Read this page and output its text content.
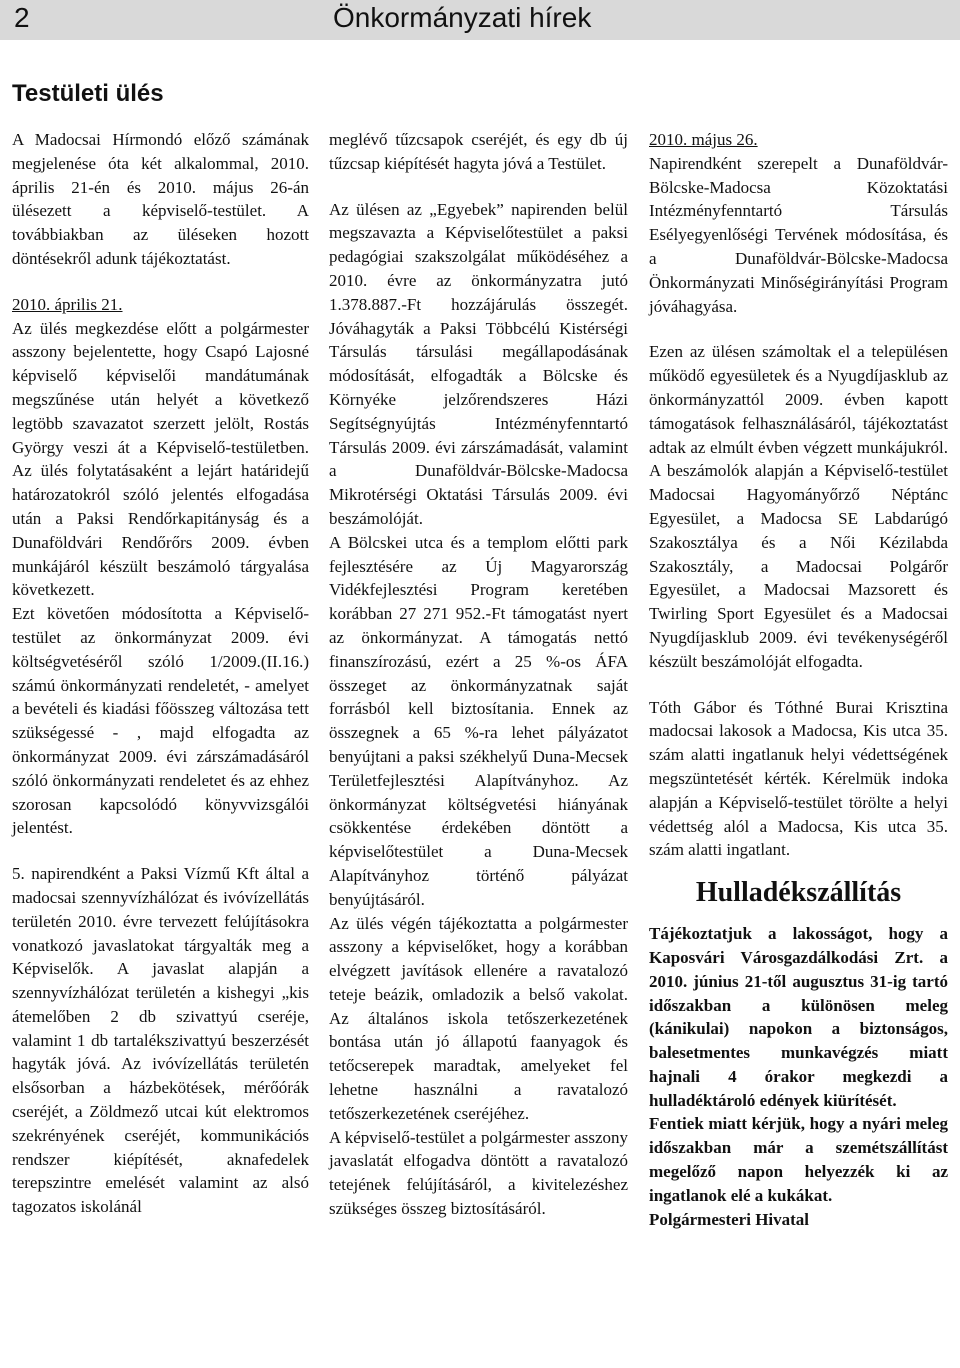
2	Önkormányzati hírek
Testületi ülés

A Madocsai Hírmondó előző számának megjelenése óta két alkalommal, 2010. április 21-én és 2010. május 26-án ülésezett a képviselő-testület. A továbbiakban az üléseken hozott döntésekről adunk tájékoztatást.

2010. április 21.

Az ülés megkezdése előtt a polgármester asszony bejelentette, hogy Csapó Lajosné képviselő képviselői mandátumának megszűnése után helyét a következő legtöbb szavazatot szerzett jelölt, Rostás György veszi át a Képviselő-testületben. Az ülés folytatásaként a lejárt határidejű határozatokról szóló jelentés elfogadása után a Paksi Rendőrkapitányság és a Dunaföldvári Rendőrőrs 2009. évben munkájáról készült beszámoló tárgyalása következett.

Ezt követően módosította a Képviselő-testület az önkormányzat 2009. évi költségvetéséről szóló 1/2009.(II.16.) számú önkormányzati rendeletét, - amelyet a bevételi és kiadási főösszeg változása tett szükségessé - , majd elfogadta az önkormányzat 2009. évi zárszámadásáról szóló önkormányzati rendeletet és az ehhez szorosan kapcsolódó könyvvizsgálói jelentést.

5. napirendként a Paksi Vízmű Kft által a madocsai szennyvízhálózat és ivóvízellátás területén 2010. évre tervezett felújításokra vonatkozó javaslatokat tárgyalták meg a Képviselők. A javaslat alapján a szennyvízhálózat területén a kishegyi „kis átemelőben 2 db szivattyú cseréje, valamint 1 db tartalékszivattyú beszerzését hagyták jóvá. Az ivóvízellátás területén elsősorban a házbekötések, mérőórák cseréjét, a Zöldmező utcai kút elektromos szekrényének cseréjét, kommunikációs rendszer kiépítését, aknafedelek terepszintre emelését valamint az alsó tagozatos iskolánál

meglévő tűzcsapok cseréjét, és egy db új tűzcsap kiépítését hagyta jóvá a Testület.

Az ülésen az „Egyebek” napirenden belül megszavazta a Képviselőtestület a paksi pedagógiai szakszolgálat működéséhez a 2010. évre az önkormányzatra jutó 1.378.887.-Ft hozzájárulás összegét. Jóváhagyták a Paksi Többcélú Kistérségi Társulás társulási megállapodásának módosítását, elfogadták a Bölcske és Környéke jelzőrendszeres Házi Segítségnyújtás Intézményfenntartó Társulás 2009. évi zárszámadását, valamint a Dunaföldvár-Bölcske-Madocsa Mikrotérségi Oktatási Társulás 2009. évi beszámolóját.

A Bölcskei utca és a templom előtti park fejlesztésére az Új Magyarország Vidékfejlesztési Program keretében korábban 27 271 952.-Ft támogatást nyert az önkormányzat. A támogatás nettó finanszírozású, ezért a 25 %-os ÁFA összeget az önkormányzatnak saját forrásból kell biztosítania. Ennek az összegnek a 65 %-ra lehet pályázatot benyújtani a paksi székhelyű Duna-Mecsek Területfejlesztési Alapítványhoz. Az önkormányzat költségvetési hiányának csökkentése érdekében döntött a képviselőtestület a Duna-Mecsek Alapítványhoz történő pályázat benyújtásáról.

Az ülés végén tájékoztatta a polgármester asszony a képviselőket, hogy a korábban elvégzett javítások ellenére a ravatalozó teteje beázik, omladozik a belső vakolat. Az általános iskola tetőszerkezetének bontása után jó állapotú faanyagok és tetőcserepek maradtak, amelyeket fel lehetne használni a ravatalozó tetőszerkezetének cseréjéhez.

A képviselő-testület a polgármester asszony javaslatát elfogadva döntött a ravatalozó tetejének felújításáról, a kivitelezéshez szükséges összeg biztosításáról.

2010. május 26.

Napirendként szerepelt a Dunaföldvár-Bölcske-Madocsa Közoktatási Intézményfenntartó Társulás Esélyegyenlőségi Tervének módosítása, és a Dunaföldvár-Bölcske-Madocsa Önkormányzati Minőségirányítási Program jóváhagyása.

Ezen az ülésen számoltak el a településen működő egyesületek és a Nyugdíjasklub az önkormányzattól 2009. évben kapott támogatások felhasználásáról, tájékoztatást adtak az elmúlt évben végzett munkájukról. A beszámolók alapján a Képviselő-testület Madocsai Hagyományőrző Néptánc Egyesület, a Madocsa SE Labdarúgó Szakosztálya és a Női Kézilabda Szakosztály, a Madocsai Polgárőr Egyesület, a Madocsai Mazsorett és Twirling Sport Egyesület és a Madocsai Nyugdíjasklub 2009. évi tevékenységéről készült beszámolóját elfogadta.

Tóth Gábor és Tóthné Burai Krisztina madocsai lakosok a Madocsa, Kis utca 35. szám alatti ingatlanuk helyi védettségének megszüntetését kérték. Kérelmük indoka alapján a Képviselő-testület törölte a helyi védettség alól a Madocsa, Kis utca 35. szám alatti ingatlant.

Hulladékszállítás

Tájékoztatjuk a lakosságot, hogy a Kaposvári Városgazdálkodási Zrt. a 2010. június 21-től augusztus 31-ig tartó időszakban a különösen meleg (kánikulai) napokon a biztonságos, balesetmentes munkavégzés miatt hajnali 4 órakor megkezdi a hulladéktároló edények kiürítését.

Fentiek miatt kérjük, hogy a nyári meleg időszakban már a szemétszállítást megelőző napon helyezzék ki az ingatlanok elé a kukákat.

Polgármesteri Hivatal
